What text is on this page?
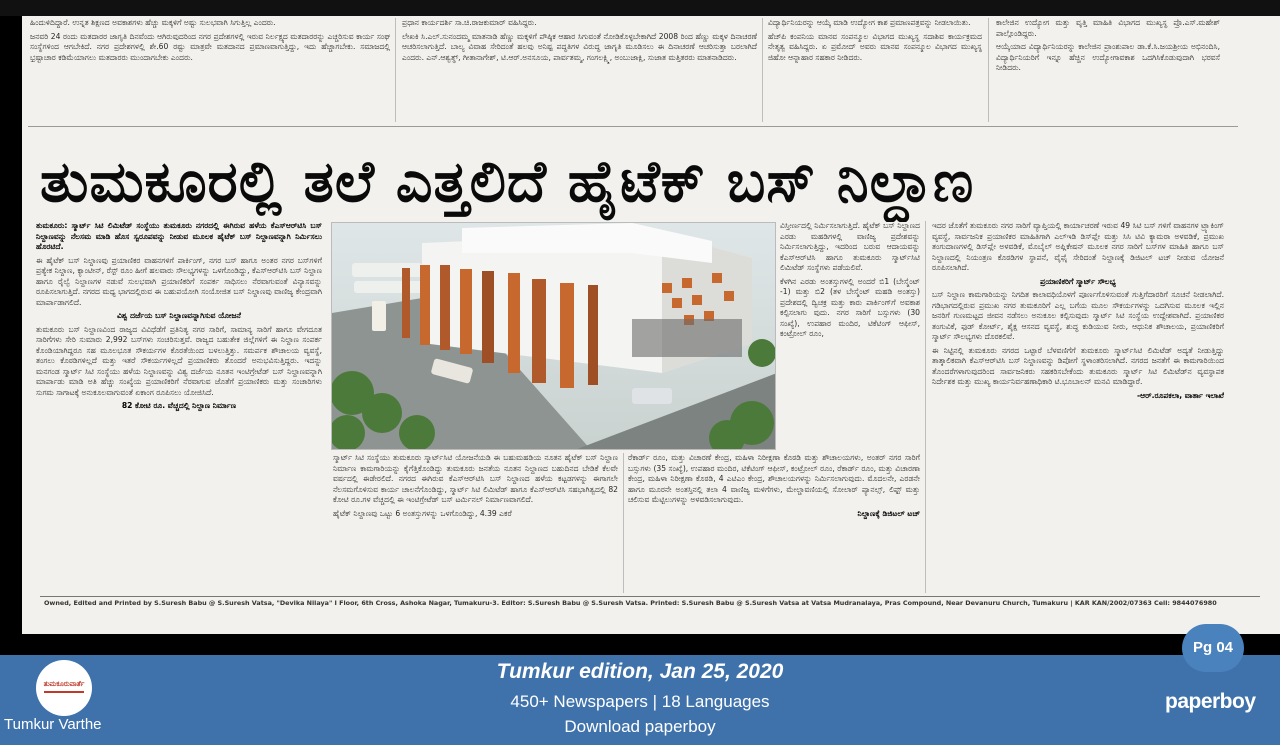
ಹಿಂದುಳಿದಿದ್ದಾರೆ. ಉನ್ನತ ಶಿಕ್ಷಣದ ಅವಕಾಶಗಳು ಹೆಚ್ಚು ಮಕ್ಕಳಿಗೆ ಅಷ್ಟು ಸುಲಭವಾಗಿ ಸಿಗುತ್ತಿಲ್ಲ ಎಂದರು.

ಜನವರಿ 24 ರಂದು ಮತದಾರರ ಜಾಗೃತಿ ದಿನವೆಂದು ಆಗಿರುವುದರಿಂದ ನಗರ ಪ್ರದೇಶಗಳಲ್ಲಿ ಇರುವ ನಿರ್ಲಕ್ಷ್ಯದ ಮತದಾರರನ್ನು ಎಚ್ಚರಿಸುವ ಕಾರ್ಯ ಸಂಘ ಸಂಸ್ಥೆಗಳಿಂದ ಆಗಬೇಕಿದೆ. ನಗರ ಪ್ರದೇಶಗಳಲ್ಲಿ ಶೇ.60 ರಷ್ಟು ಮಾತ್ರವೇ ಮತದಾನದ ಪ್ರಮಾಣವಾಗುತ್ತಿದ್ದು, ಇದು ಹೆಚ್ಚಾಗಬೇಕು. ಸಮಾಜದಲ್ಲಿ ಭ್ರಷ್ಟಾಚಾರ ಕಡಿಮೆಯಾಗಲು ಮತದಾರರು ಮುಂದಾಗಬೇಕು ಎಂದರು.

ಪ್ರಧಾನ ಕಾರ್ಯದರ್ಶಿ ಸಾ.ಚಿ.ರಾಜಕುಮಾರ್ ವಹಿಸಿದ್ದರು.

ಲೇಖಕಿ ಸಿ.ಎಲ್.ಸುನಂದಮ್ಮ ಮಾತನಾಡಿ ಹೆಣ್ಣು ಮಕ್ಕಳಿಗೆ ಪೌಷ್ಠಿಕ ಆಹಾರ ಸಿಗುವಂತೆ ನೋಡಿಕೊಳ್ಳಬೇಕಾಗಿದೆ 2008 ರಿಂದ ಹೆಣ್ಣು ಮಕ್ಕಳ ದಿನಾಚರಣೆ ಆಚರಿಸಲಾಗುತ್ತಿದೆ. ಬಾಲ್ಯ ವಿವಾಹ ಸೇರಿದಂತೆ ಹಲವು ಅನಿಷ್ಟ ಪದ್ಧತಿಗಳ ವಿರುದ್ಧ ಜಾಗೃತಿ ಮೂಡಿಸಲು ಈ ದಿನಾಚರಣೆ ಆಚರಿಸುತ್ತಾ ಬರಲಾಗಿದೆ ಎಂದರು. ಎನ್.ಆಶ್ವತ್ಥ್, ಗೀತಾನಾಗೇಶ್, ಟಿ.ಆರ್.ಅನಸೂಯ, ಪಾರ್ವತಮ್ಮ, ಗಂಗಲಕ್ಷ್ಮಿ, ಅಂಬುಜಾಕ್ಷಿ, ಸುಜಾತ ಮತ್ತಿತರರು ಮಾತನಾಡಿದರು.

ವಿದ್ಯಾರ್ಥಿನಿಯರನ್ನು ಆಯ್ಕೆ ಮಾಡಿ ಉದ್ಯೋಗ ಕಾಶ ಪ್ರಮಾಣಪತ್ರವನ್ನು ನೀಡಲಾಯಿತು.

ಹೆಚ್‌ಪಿ ಕಂಪನಿಯ ಮಾನವ ಸಂಪನ್ಮೂಲ ವಿಭಾಗದ ಮುಖ್ಯಸ್ಥ ಸದಾಶಿವ ಕಾರ್ಯಕ್ರಮದ ನೇತೃತ್ವ ವಹಿಸಿದ್ದರು. ಏ ಪ್ರಮೋದ್ ಅವರು ಮಾನವ ಸಂಪನ್ಮೂಲ ವಿಭಾಗದ ಮುಖ್ಯಸ್ಥ ಜಿಹೋ ಆನ್ನಾಹಾರ ಸಹಕಾರ ನೀಡಿದರು.

ಕಾಲೇಜಿನ ಉದ್ಯೋಗ ಮತ್ತು ವೃತ್ತಿ ಮಾಹಿತಿ ವಿಭಾಗದ ಮುಖ್ಯಸ್ಥ ಪ್ರೊ.ಎಸ್.ಮಹೇಶ್ ಪಾಲ್ಗೊಂಡಿದ್ದರು.

ಆಯ್ಕೆಯಾದ ವಿದ್ಯಾರ್ಥಿನಿಯರನ್ನು ಕಾಲೇಜಿನ ಪ್ರಾಂಶುಪಾಲ ಡಾ.ಕೆ.ಸಿ.ಜಯಶ್ರೀಯ ಅಭಿನಂದಿಸಿ, ವಿದ್ಯಾರ್ಥಿನಿಯರಿಗೆ ಇನ್ನೂ ಹೆಚ್ಚಿನ ಉದ್ಯೋಗಾವಕಾಶ ಒದಗಿಸಿಕೊಡುವುದಾಗಿ ಭರವಸೆ ನೀಡಿದರು.

ತುಮಕೂರಲ್ಲಿ ತಲೆ ಎತ್ತಲಿದೆ ಹೈಟೆಕ್ ಬಸ್ ನಿಲ್ದಾಣ

ತುಮಕೂರು: ಸ್ಮಾರ್ಟ್ ಸಿಟಿ ಲಿಮಿಟೆಡ್ ಸಂಸ್ಥೆಯು ತುಮಕೂರು ನಗರದಲ್ಲಿ ಈಗಿರುವ ಹಳೆಯ ಕೆಎಸ್‌ಆರ್‌ಟಿಸಿ ಬಸ್ ನಿಲ್ದಾಣವನ್ನು ನೆಲಸಮ ಮಾಡಿ ಹೊಸ ಸ್ವರೂಪವನ್ನು ನೀಡುವ ಮೂಲಕ ಹೈಟೆಕ್ ಬಸ್ ನಿಲ್ದಾಣವನ್ನಾಗಿ ನಿರ್ಮಿಸಲು ಹೊರಟಿದೆ.

ಈ ಹೈಟೆಕ್ ಬಸ್ ನಿಲ್ದಾಣವು ಪ್ರಯಾಣಿಕರ ವಾಹನಗಳಿಗೆ ಪಾರ್ಕಿಂಗ್, ನಗರ ಬಸ್ ಹಾಗೂ ಅಂತರ ನಗರ ಬಸ್‌ಗಳಿಗೆ ಪ್ರತ್ಯೇಕ ನಿಲ್ದಾಣ, ಕ್ಯಾಂಟೀನ್, ರೆಸ್ಟ್ ರೂಂ ಹೀಗೆ ಹಲವಾರು ಸೌಲಭ್ಯಗಳನ್ನು ಒಳಗೊಂಡಿದ್ದು, ಕೆಎಸ್‌ಆರ್‌ಟಿಸಿ ಬಸ್ ನಿಲ್ದಾಣ ಹಾಗೂ ರೈಲ್ವೆ ನಿಲ್ದಾಣಗಳ ನಡುವೆ ಸುಲಭವಾಗಿ ಪ್ರಯಾಣಿಕರಿಗೆ ಸಂಪರ್ಕ ಸಾಧಿಸಲು ನೆರವಾಗುವಂತೆ ವಿನ್ಯಾಸವನ್ನು ರೂಪಿಸಲಾಗುತ್ತಿದೆ. ನಗರದ ಮಧ್ಯ ಭಾಗದಲ್ಲಿರುವ ಈ ಬಹುಪಯೋಗಿ ಸಂಯೋಜಿತ ಬಸ್ ನಿಲ್ದಾಣವು ವಾಣಿಜ್ಯ ಕೇಂದ್ರವಾಗಿ ಮಾರ್ಪಾಡಾಗಲಿದೆ.

ವಿಶ್ವ ದರ್ಜೆಯ ಬಸ್ ನಿಲ್ದಾಣವನ್ನಾಗಿಸುವ ಯೋಜನೆ

ತುಮಕೂರು ಬಸ್ ನಿಲ್ದಾಣವಿಂದ ರಾಜ್ಯದ ವಿವಿಧೆಡೆಗೆ ಪ್ರತಿನಿತ್ಯ ನಗರ ಸಾರಿಗೆ, ಸಾಮಾನ್ಯ ಸಾರಿಗೆ ಹಾಗೂ ವೇಗದೂತ ಸಾರಿಗೆಗಳು ಸೇರಿ ಸುಮಾರು 2,992 ಬಸ್‌ಗಳು ಸಂಚರಿಸುತ್ತವೆ. ರಾಜ್ಯದ ಬಹುತೇಕ ಜಿಲ್ಲೆಗಳಿಗೆ ಈ ನಿಲ್ದಾಣ ಸಂಪರ್ಕ ಕೊಂಡಿಯಾಗಿದ್ದರೂ ಸಹ ಮೂಲಭೂತ ಸೌಕರ್ಯಗಳ ಕೊರತೆಯಿಂದ ಬಳಲುತ್ತಿತ್ತು. ಸಮರ್ಪಕ ಶೌಚಾಲಯ ವ್ಯವಸ್ಥೆ, ತಂಗಲು ಕೊಠಡಿಗಳಿಲ್ಲದೆ ಮತ್ತು ಇತರೆ ಸೌಕರ್ಯಗಳಿಲ್ಲದೆ ಪ್ರಯಾಣಿಕರು ತೊಂದರೆ ಅನುಭವಿಸುತ್ತಿದ್ದರು. ಇದನ್ನು ಮನಗಂಡ ಸ್ಮಾರ್ಟ್ ಸಿಟಿ ಸಂಸ್ಥೆಯು ಹಳೆಯ ನಿಲ್ದಾಣವನ್ನು ವಿಶ್ವ ದರ್ಜೆಯ ನೂತನ ಇಂಟಿಗ್ರೇಟೆಡ್ ಬಸ್ ನಿಲ್ದಾಣವನ್ನಾಗಿ ಮಾರ್ಪಾಡು ಮಾಡಿ ಅತಿ ಹೆಚ್ಚು ಸಂಖ್ಯೆಯ ಪ್ರಯಾಣಿಕರಿಗೆ ನೆರವಾಗುವ ಜೊತೆಗೆ ಪ್ರಯಾಣಿಕರು ಮತ್ತು ಸಂಚಾರಿಗಳು ಸುಗಮ ಸಾಗಾಟಕ್ಕೆ ಅನುಕೂಲವಾಗುವಂತೆ ಏಕಾಂಗ ರೂಪಿಸಲು ಯೋಜಿಸಿದೆ.

82 ಕೋಟಿ ರೂ. ವೆಚ್ಚದಲ್ಲಿ ನಿಲ್ದಾಣ ನಿರ್ಮಾಣ

ಸ್ಮಾರ್ಟ್ ಸಿಟಿ ಸಂಸ್ಥೆಯು ತುಮಕೂರು ಸ್ಮಾರ್ಟ್‌ಸಿಟಿ ಯೋಜನೆಯಡಿ ಈ ಬಹುಮಹಡಿಯ ನೂತನ ಹೈಟೆಕ್ ಬಸ್ ನಿಲ್ದಾಣ ನಿರ್ಮಾಣ ಕಾಮಗಾರಿಯನ್ನು ಕೈಗೆತ್ತಿಕೊಂಡಿದ್ದು ತುಮಕೂರು ಜನತೆಯ ನೂತನ ನಿಲ್ದಾಣದ ಬಹುದಿನದ ಬೇಡಿಕೆ ಕೆಲವೇ ವರ್ಷದಲ್ಲಿ ಈಡೇರಲಿದೆ. ನಗರದ ಈಗಿರುವ ಕೆಎಸ್‌ಆರ್‌ಟಿಸಿ ಬಸ್ ನಿಲ್ದಾಣದ ಹಳೆಯ ಕಟ್ಟಡಗಳನ್ನು ಈಗಾಗಲೇ ನೆಲಸಮಗೊಳಿಸುವ ಕಾರ್ಯ ಚಾಲನೆಗೊಂಡಿದ್ದು, ಸ್ಮಾರ್ಟ್ ಸಿಟಿ ಲಿಮಿಟೆಡ್ ಹಾಗೂ ಕೆಎಸ್‌ಆರ್‌ಟಿಸಿ ಸಹಭಾಗಿತ್ವದಲ್ಲಿ 82 ಕೋಟಿ ರೂ.ಗಳ ವೆಚ್ಚದಲ್ಲಿ ಈ ಇಂಟಿಗ್ರೇಟೆಡ್ ಬಸ್ ಟರ್ಮಿನಲ್ ನಿರ್ಮಾಣವಾಗಲಿದೆ.

ಹೈಟೆಕ್ ನಿಲ್ದಾಣವು ಒಟ್ಟು 6 ಅಂತಸ್ತುಗಳನ್ನು ಒಳಗೊಂಡಿದ್ದು, 4.39 ಎಕರೆ

ವಿಸ್ತೀರ್ಣದಲ್ಲಿ ನಿರ್ಮಿಸಲಾಗುತ್ತಿದೆ. ಹೈಟೆಕ್ ಬಸ್ ನಿಲ್ದಾಣದ ಎರಡು ಮಹಡಿಗಳಲ್ಲಿ ವಾಣಿಜ್ಯ ಪ್ರದೇಶವನ್ನು ನಿರ್ಮಿಸಲಾಗುತ್ತಿದ್ದು, ಇದರಿಂದ ಬರುವ ಆದಾಯವನ್ನು ಕೆಎಸ್‌ಆರ್‌ಟಿಸಿ ಹಾಗೂ ತುಮಕೂರು ಸ್ಮಾರ್ಟ್‌ಸಿಟಿ ಲಿಮಿಟೆಡ್ ಸಂಸ್ಥೆಗಳು ಪಡೆಯಲಿವೆ.

ಕೆಳಗಿನ ಎರಡು ಅಂತಸ್ತುಗಳಲ್ಲಿ ಅಂದರೆ ಬಿ1 (ಬೇಸ್ಮೆಂಟ್ -1) ಮತ್ತು ಬಿ2 (ತಳ ಬೇಸ್ಮೆಂಟ್ ಮಹಡಿ ಅಂತಸ್ತು) ಪ್ರದೇಶದಲ್ಲಿ ದ್ವಿಚಕ್ರ ಮತ್ತು ಕಾರು ಪಾರ್ಕಿಂಗ್‌ಗೆ ಅವಕಾಶ ಕಲ್ಪಿಸಲಾಗು ವುದು. ನಗರ ಸಾರಿಗೆ ಬಸ್ಸುಗಳು (30 ಸಂಖ್ಯೆ), ಉಪಹಾರ ಮಂದಿರ, ಟಿಕೆಟಿಂಗ್ ಆಫೀಸ್, ಕಂಟ್ರೋಲ್ ರೂಂ,

ರೆಕಾರ್ಡ್ ರೂಂ, ಮತ್ತು ವಿಚಾರಣೆ ಕೇಂದ್ರ, ಮಹಿಳಾ ನಿರೀಕ್ಷಣಾ ಕೊಠಡಿ ಮತ್ತು ಶೌಚಾಲಯಗಳು, ಅಂತರ್ ನಗರ ಸಾರಿಗೆ ಬಸ್ಸುಗಳು (35 ಸಂಖ್ಯೆ), ಉಪಹಾರ ಮಂದಿರ, ಟಿಕೆಟಿಂಗ್ ಆಫೀಸ್, ಕಂಟ್ರೋಲ್ ರೂಂ, ರೆಕಾರ್ಡ್ ರೂಂ, ಮತ್ತು ವಿಚಾರಣಾ ಕೇಂದ್ರ, ಮಹಿಳಾ ನಿರೀಕ್ಷಣಾ ಕೊಠಡಿ, 4 ಎಟಿಎಂ ಕೇಂದ್ರ, ಶೌಚಾಲಯಗಳನ್ನು ನಿರ್ಮಿಸಲಾಗುವುದು. ಮೊದಲನೇ, ಎರಡನೇ ಹಾಗೂ ಮೂರನೇ ಅಂತಸ್ತಿನಲ್ಲಿ ತಲಾ 4 ವಾಣಿಜ್ಯ ಮಳಿಗೆಗಳು, ಮೇಲ್ಚಾವಣಿಯಲ್ಲಿ ಸೋಲಾರ್ ಪ್ಯಾನಲ್ಸ್, ಲಿಫ್ಟ್ ಮತ್ತು ಚಲಿಸುವ ಮೆಟ್ಟಿಲುಗಳನ್ನು ಅಳವಡಿಸಲಾಗುವುದು.

ನಿಲ್ದಾಣಕ್ಕೆ ಡಿಜಿಟಲ್ ಟಚ್

ಇದರ ಜೊತೆಗೆ ತುಮಕೂರು ನಗರ ಸಾರಿಗೆ ವ್ಯಾಪ್ತಿಯಲ್ಲಿ ಕಾರ್ಯಾಚರಣೆ ಇರುವ 49 ಸಿಟಿ ಬಸ್ ಗಳಿಗೆ ವಾಹನಗಳ ಟ್ರ್ಯಾಕಿಂಗ್ ವ್ಯವಸ್ಥೆ, ಸಾರ್ವಜನಿಕ ಪ್ರಯಾಣಿಕರ ಮಾಹಿತಿಗಾಗಿ ಎಲ್‌ಇಡಿ ಡಿಸ್‌ಪ್ಲೇ ಮತ್ತು ಸಿಸಿ ಟಿವಿ ಕ್ಯಾಮರಾ ಅಳವಡಿಕೆ, ಪ್ರಮುಖ ತಂಗುದಾಣಗಳಲ್ಲಿ ಡಿಸ್‌ಪ್ಲೇ ಅಳವಡಿಕೆ, ಮೊಬೈಲ್ ಅಪ್ಲಿಕೇಷನ್ ಮೂಲಕ ನಗರ ಸಾರಿಗೆ ಬಸ್‌ಗಳ ಮಾಹಿತಿ ಹಾಗೂ ಬಸ್ ನಿಲ್ದಾಣದಲ್ಲಿ ನಿಯಂತ್ರಣ ಕೊಠಡಿಗಳ ಸ್ಥಾಪನೆ, ವೈಫೈ ಸೇರಿದಂತೆ ನಿಲ್ದಾಣಕ್ಕೆ ಡಿಜಿಟಲ್ ಟಚ್ ನೀಡುವ ಯೋಜನೆ ರೂಪಿಸಲಾಗಿದೆ.

ಪ್ರಯಾಣಿಕರಿಗೆ ಸ್ಮಾರ್ಟ್ ಸೌಲಭ್ಯ

ಬಸ್ ನಿಲ್ದಾಣ ಕಾಮಗಾರಿಯನ್ನು ನಿಗದಿತ ಕಾಲಾವಧಿಯೊಳಗೆ ಪೂರ್ಣಗೊಳಿಸುವಂತೆ ಗುತ್ತಿಗೆದಾರರಿಗೆ ಸೂಚನೆ ನೀಡಲಾಗಿದೆ. ಗಡಿಭಾಗದಲ್ಲಿರುವ ಪ್ರಮುಖ ನಗರ ತುಮಕೂರಿಗೆ ಎಲ್ಲ ಬಗೆಯ ಮೂಲ ಸೌಕರ್ಯಗಳನ್ನು ಒದಗಿಸುವ ಮೂಲಕ ಇಲ್ಲಿನ ಜನರಿಗೆ ಗುಣಮಟ್ಟದ ಜೀವನ ನಡೆಸಲು ಅನುಕೂಲ ಕಲ್ಪಿಸುವುದು ಸ್ಮಾರ್ಟ್ ಸಿಟಿ ಸಂಸ್ಥೆಯ ಉದ್ದೇಶವಾಗಿದೆ. ಪ್ರಯಾಣಿಕರ ತಂಗುವಿಕೆ, ಫುಡ್ ಕೋರ್ಟ್, ಶೈಕ್ಷ ಆಸನದ ವ್ಯವಸ್ಥೆ, ಶುದ್ಧ ಕುಡಿಯುವ ನೀರು, ಆಧುನಿಕ ಶೌಚಾಲಯ, ಪ್ರಯಾಣಿಕರಿಗೆ ಸ್ಮಾರ್ಟ್ ಸೌಲಭ್ಯಗಳು ದೊರಕಲಿವೆ.

ಈ ನಿಟ್ಟಿನಲ್ಲಿ ತುಮಕೂರು ನಗರದ ಒಟ್ಟಾರೆ ಬೆಳವಣಿಗೆಗೆ ತುಮಕೂರು ಸ್ಮಾರ್ಟ್‌ಸಿಟಿ ಲಿಮಿಟೆಡ್ ಅದ್ಯತೆ ನೀಡುತ್ತಿದ್ದು ತಾತ್ಕಾಲಿಕವಾಗಿ ಕೆಎಸ್‌ಆರ್‌ಟಿಸಿ ಬಸ್ ನಿಲ್ದಾಣವನ್ನು ಡಿಪೋಗೆ ಸ್ಥಳಾಂತರಿಸಲಾಗಿದೆ. ನಗರದ ಜನತೆಗೆ ಈ ಕಾಮಗಾರಿಯಿಂದ ತೊಂದರೆಗಳಾಗುವುದರಿಂದ ಸಾರ್ವಜನಿಕರು ಸಹಕರಿಸಬೇಕೆಂದು ತುಮಕೂರು ಸ್ಮಾರ್ಟ್ ಸಿಟಿ ಲಿಮಿಟೆಡ್‌ನ ವ್ಯವಸ್ಥಾಪಕ ನಿರ್ದೇಶಕ ಮತ್ತು ಮುಖ್ಯ ಕಾರ್ಯನಿರ್ವಹಣಾಧಿಕಾರಿ ಟಿ.ಭೂಬಾಲನ್ ಮನವಿ ಮಾಡಿದ್ದಾರೆ.

-ಆರ್.ರೂಪಕಲಾ, ವಾರ್ತಾ ಇಲಾಖೆ
Owned, Edited and Printed by S.Suresh Babu @ S.Suresh Vatsa, "Devika Nilaya" I Floor, 6th Cross, Ashoka Nagar, Tumakuru-3. Editor: S.Suresh Babu @ S.Suresh Vatsa. Printed: S.Suresh Babu @ S.Suresh Vatsa at Vatsa Mudranalaya, Pras Compound, Near Devanuru Church, Tumakuru | KAR KAN/2002/07363 Cell: 9844076980
ತುಮಕೂರುವಾರ್ತೆ
Tumkur Varthe
Tumkur edition, Jan 25, 2020
450+ Newspapers | 18 Languages
Download paperboy
Pg 04
paperboy
